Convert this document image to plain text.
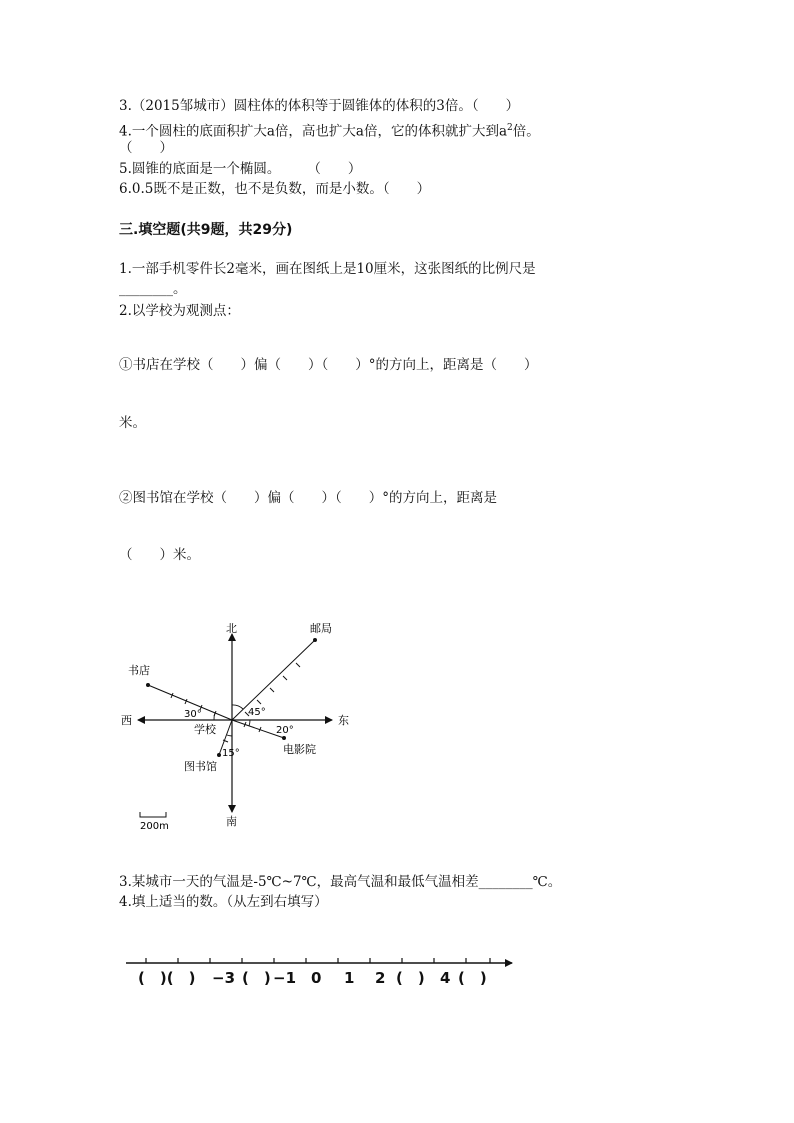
3.（2015邹城市）圆柱体的体积等于圆锥体的体积的3倍。（　　）
4.一个圆柱的底面积扩大a倍，高也扩大a倍，它的体积就扩大到$a^2$倍。
（　　）
5.圆锥的底面是一个椭圆。　　　（　　）
6.0.5既不是正数，也不是负数，而是小数。（　　）
三.填空题(共9题，共29分)
1.一部手机零件长2毫米，画在图纸上是10厘米，这张图纸的比例尺是
________。
2.以学校为观测点：
①书店在学校（　　）偏（　　）（　　）°的方向上，距离是（　　）
米。
②图书馆在学校（　　）偏（　　）（　　）°的方向上，距离是
（　　）米。
北
南
东
西
学校
书店
邮局
电影院
图书馆
30°	45°
20°
15°
200m
3.某城市一天的气温是-5℃~7℃，最高气温和最低气温相差________℃。
4.填上适当的数。（从左到右填写）
(　)(　) −3 (　) −1 0 1 2 (　) 4 (　)
